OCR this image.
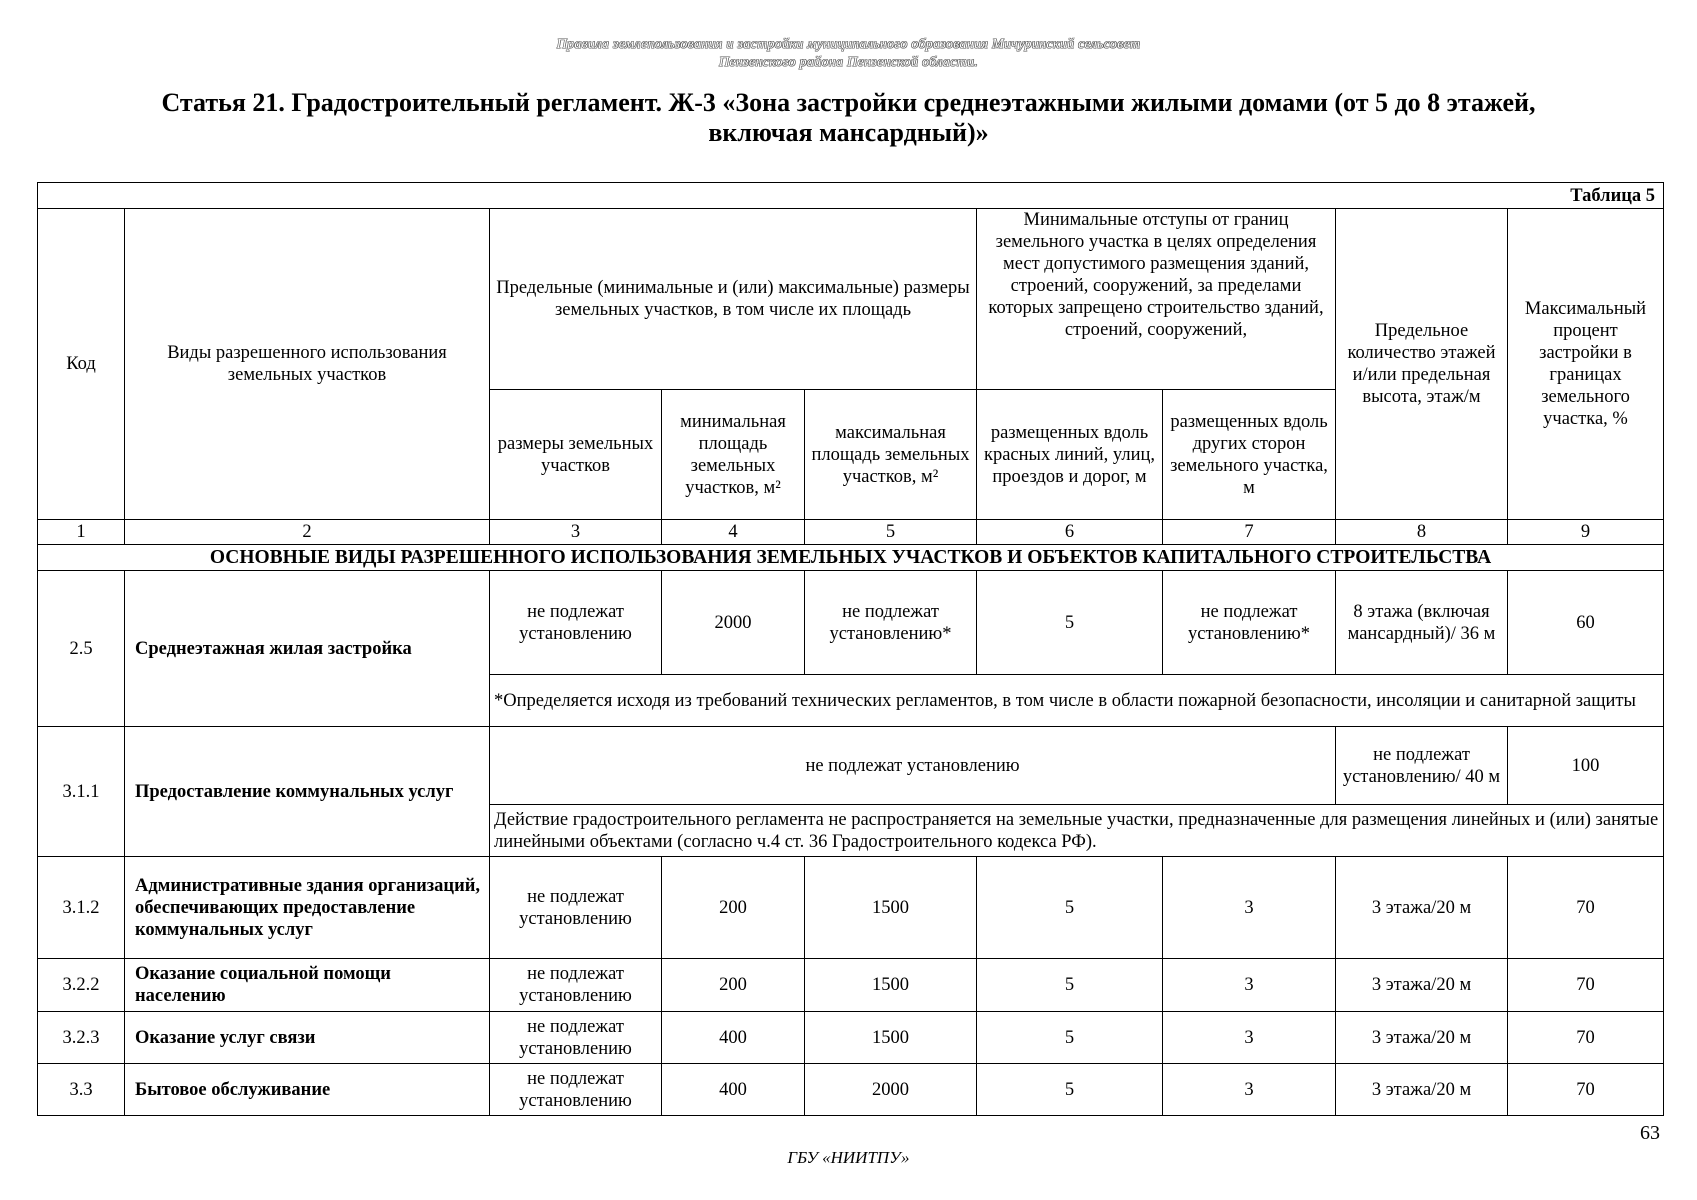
Правила землепользования и застройки муниципального образования Мичуринский сельсовет
Пензенского района Пензенской области.
Статья 21. Градостроительный регламент. Ж-3 «Зона застройки среднеэтажными жилыми домами (от 5 до 8 этажей,
включая мансардный)»
Таблица 5								
Код	Виды разрешенного использования земельных участков	Предельные (минимальные и (или) максимальные) размеры земельных участков, в том числе их площадь			Минимальные отступы от границ земельного участка в целях определения мест допустимого размещения зданий, строений, сооружений, за пределами которых запрещено строительство зданий, строений, сооружений,		Предельное количество этажей и/или предельная высота, этаж/м	Максимальный процент застройки в границах земельного участка, %
		размеры земельных участков	минимальная площадь земельных участков, м²	максимальная площадь земельных участков, м²	размещенных вдоль красных линий, улиц, проездов и дорог, м	размещенных вдоль других сторон земельного участка, м		
1	2	3	4	5	6	7	8	9
ОСНОВНЫЕ ВИДЫ РАЗРЕШЕННОГО ИСПОЛЬЗОВАНИЯ ЗЕМЕЛЬНЫХ УЧАСТКОВ И ОБЪЕКТОВ КАПИТАЛЬНОГО СТРОИТЕЛЬСТВА								
2.5	Среднеэтажная жилая застройка	не подлежат установлению	2000	не подлежат установлению*	5	не подлежат установлению*	8 этажа (включая мансардный)/ 36 м	60
		*Определяется исходя из требований технических регламентов, в том числе в области пожарной безопасности, инсоляции и санитарной защиты						
3.1.1	Предоставление коммунальных услуг	не подлежат установлению					не подлежат установлению/ 40 м	100
		Действие градостроительного регламента не распространяется на земельные участки, предназначенные для размещения линейных и (или) занятые линейными объектами (согласно ч.4 ст. 36 Градостроительного кодекса РФ).						
3.1.2	Административные здания организаций, обеспечивающих предоставление коммунальных услуг	не подлежат установлению	200	1500	5	3	3 этажа/20 м	70
3.2.2	Оказание социальной помощи населению	не подлежат установлению	200	1500	5	3	3 этажа/20 м	70
3.2.3	Оказание услуг связи	не подлежат установлению	400	1500	5	3	3 этажа/20 м	70
3.3	Бытовое обслуживание	не подлежат установлению	400	2000	5	3	3 этажа/20 м	70
63
ГБУ «НИИТПУ»
